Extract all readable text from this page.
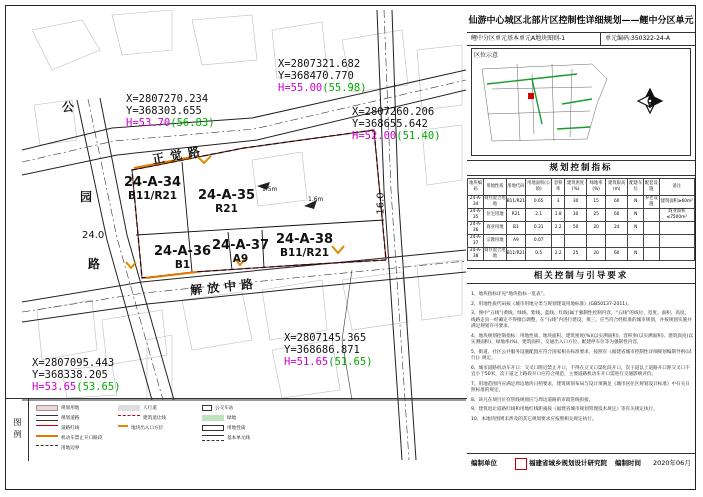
X=2807321.682
Y=368470.770
H=55.00(55.98)
X=2807270.234
Y=368303.655
H=53.70(56.83)
X=2807260.206
Y=368655.642
H=52.00(51.40)
X=2807145.365
Y=368686.871
H=51.65(51.65)
X=2807095.443
Y=368338.205
H=53.65(53.65)
24-A-34
B11/R21	24-A-35
R21
24-A-36
B1
24-A-37
A9
24-A-38
B11/R21
正觉路
解放中路
公
园
路
24.0
16.0
1.5m
1.6m
图例
规划用地
规划道路
道路红线
机动车禁止开口路段
用地边界
人行道
建筑退让线
地块出入口方位
公交车站
绿地
用地性质
基本单元线
仙游中心城区北部片区控制性详细规划——鲤中分区单元
鲤中分区单元基本单元A地块图则-1	单元编码:350322-24-A
区位示意
规划控制指标
地块编码	用地性质	用地代码	用地面积(公顷)	容积率	建筑密度(%)	绿地率(%)	建筑限高(m)	配建车位	配套设施	备注
24-A-34	商住混合用地	B11/R21	0.65	3	30	15	60	N	养老设施	建筑面积≥60m²
24-A-35	住宅用地	R21	2.1	1.8	30	25	60	N		商业面积≤7500m²
24-A-36	商业用地	B1	0.31	2.2	50	20	24	N		
24-A-37	宗教用地	A9	0.07							
24-A-38	商住混合用地	B11/R21	0.5	2.2	25	20	60	N		
相关控制与引导要求

1、地块指标详见“地块指标一览表”。

2、用地性质代码按《城市用地分类与规划建设用地标准》(GB50137-2011)。

3、图中“五线”(黄线、绿线、紫线、蓝线、红线)属于强制性控制内容，“五线”的线位、宽度、面积、高度、线路走向一经确定不得擅自调整，在“五线”内进行建设，须三、应当符合经批准的城市规划，并按规划实施并满足规划许可要求。

4、地块规划控制指标：用地性质、地块面积、建筑密度(%)(以实测面积)、容积率(以实测面积)、建筑高度(以实测面积)、绿地率(%)、建筑面积、交通出入口方位、配建停车位等为强制性内容。

5、街道、社区公共服务设施配置应符合国家相关标准要求，按照有《福建省城市控制性详细规划编制导则(试行)》规定。

6、城市道路机动车开口：交叉口附近禁止开口，不得在交叉口渠化段开口，次干道以上道路开口距交叉口不宜小于50米，次干道之上路段开口应符合规范，主要道路机动车开口需进行交通影响评价。

7、用地范围内应满足周边地块日照要求，建筑规划布局与设计须满足《城市居住区规划设计标准》中有关日照标准的规定。

8、该凡在项目位有管线规划应与周边道路的市政管线衔接。

9、建筑退让道路红线和用地红线距离按《福建省城市规划管理技术规定》等有关规定执行。

10、本地块图则未涉及的其它规划要求应按照相关规定执行。

编制单位	福建省城乡规划设计研究院 编制时间 2020年06月
